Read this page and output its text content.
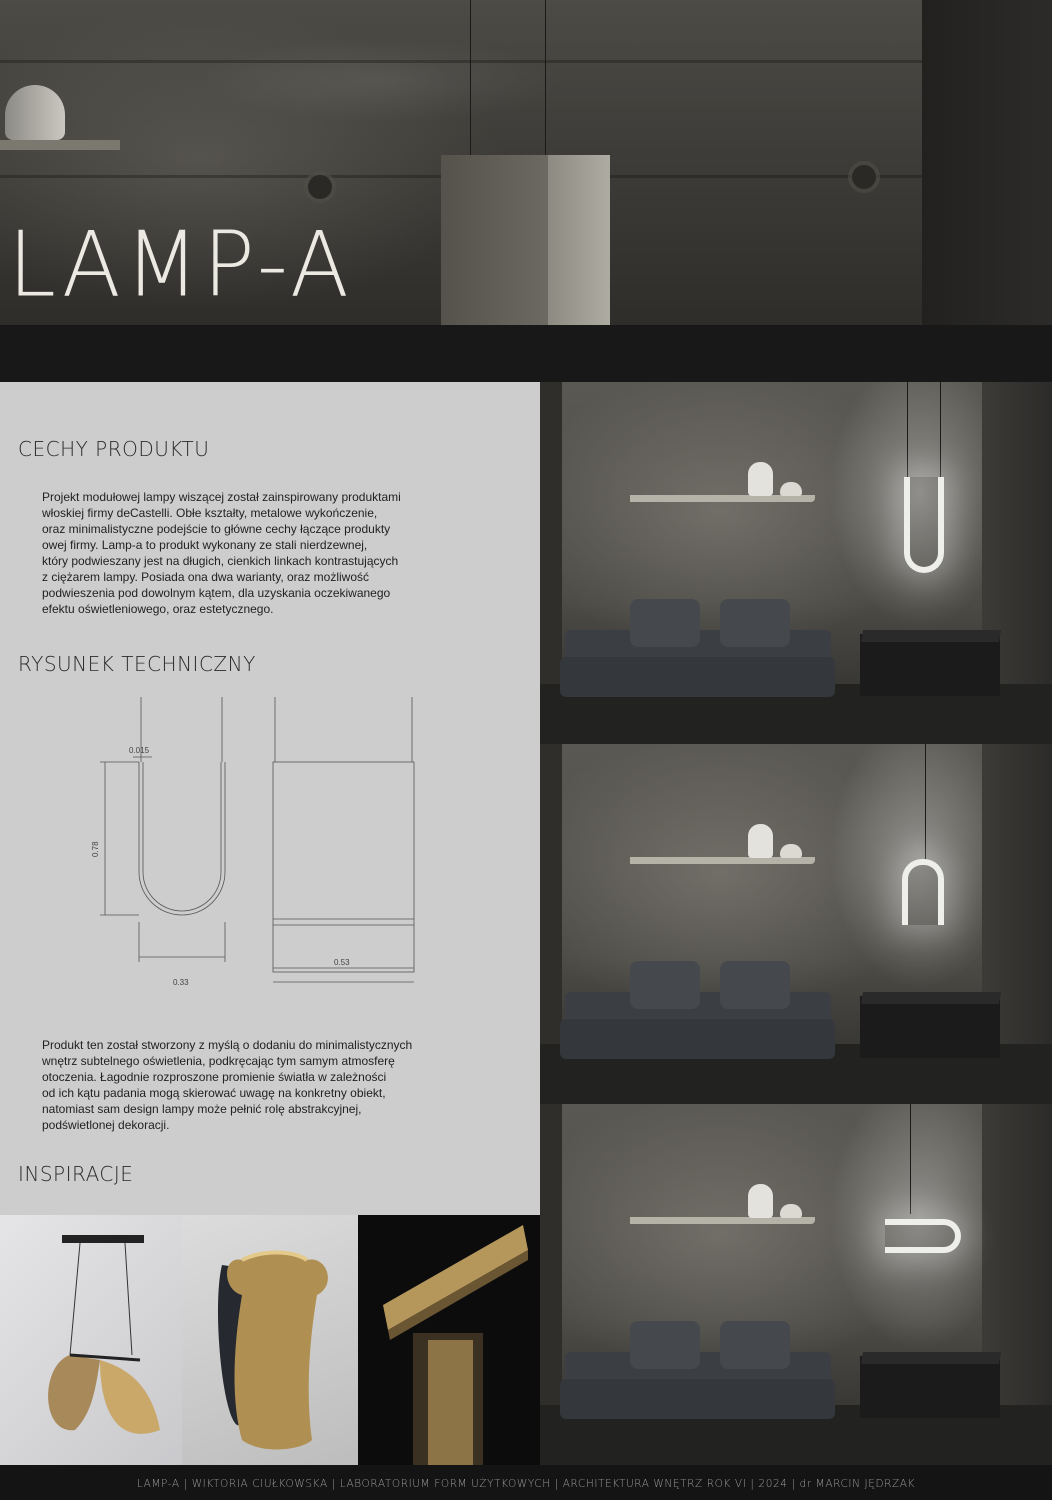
LAMP-A
CECHY PRODUKTU
Projekt modułowej lampy wiszącej został zainspirowany produktami
włoskiej firmy deCastelli. Obłe kształty, metalowe wykończenie,
oraz minimalistyczne podejście to główne cechy łączące produkty
owej firmy. Lamp-a to produkt wykonany ze stali nierdzewnej,
który podwieszany jest na długich, cienkich linkach kontrastujących
z ciężarem lampy. Posiada ona dwa warianty, oraz możliwość
podwieszenia pod dowolnym kątem, dla uzyskania oczekiwanego
efektu oświetleniowego, oraz estetycznego.
RYSUNEK TECHNICZNY
0.015
0.78
0.33
0.53
Produkt ten został stworzony z myślą o dodaniu do minimalistycznych
wnętrz subtelnego oświetlenia, podkręcając tym samym atmosferę
otoczenia. Łagodnie rozproszone promienie światła w zależności
od ich kątu padania mogą skierować uwagę na konkretny obiekt,
natomiast sam design lampy może pełnić rolę abstrakcyjnej,
podświetlonej dekoracji.
INSPIRACJE
LAMP-A | WIKTORIA CIUŁKOWSKA | LABORATORIUM FORM UŻYTKOWYCH | ARCHITEKTURA WNĘTRZ ROK VI | 2024 | dr MARCIN JĘDRZAK
